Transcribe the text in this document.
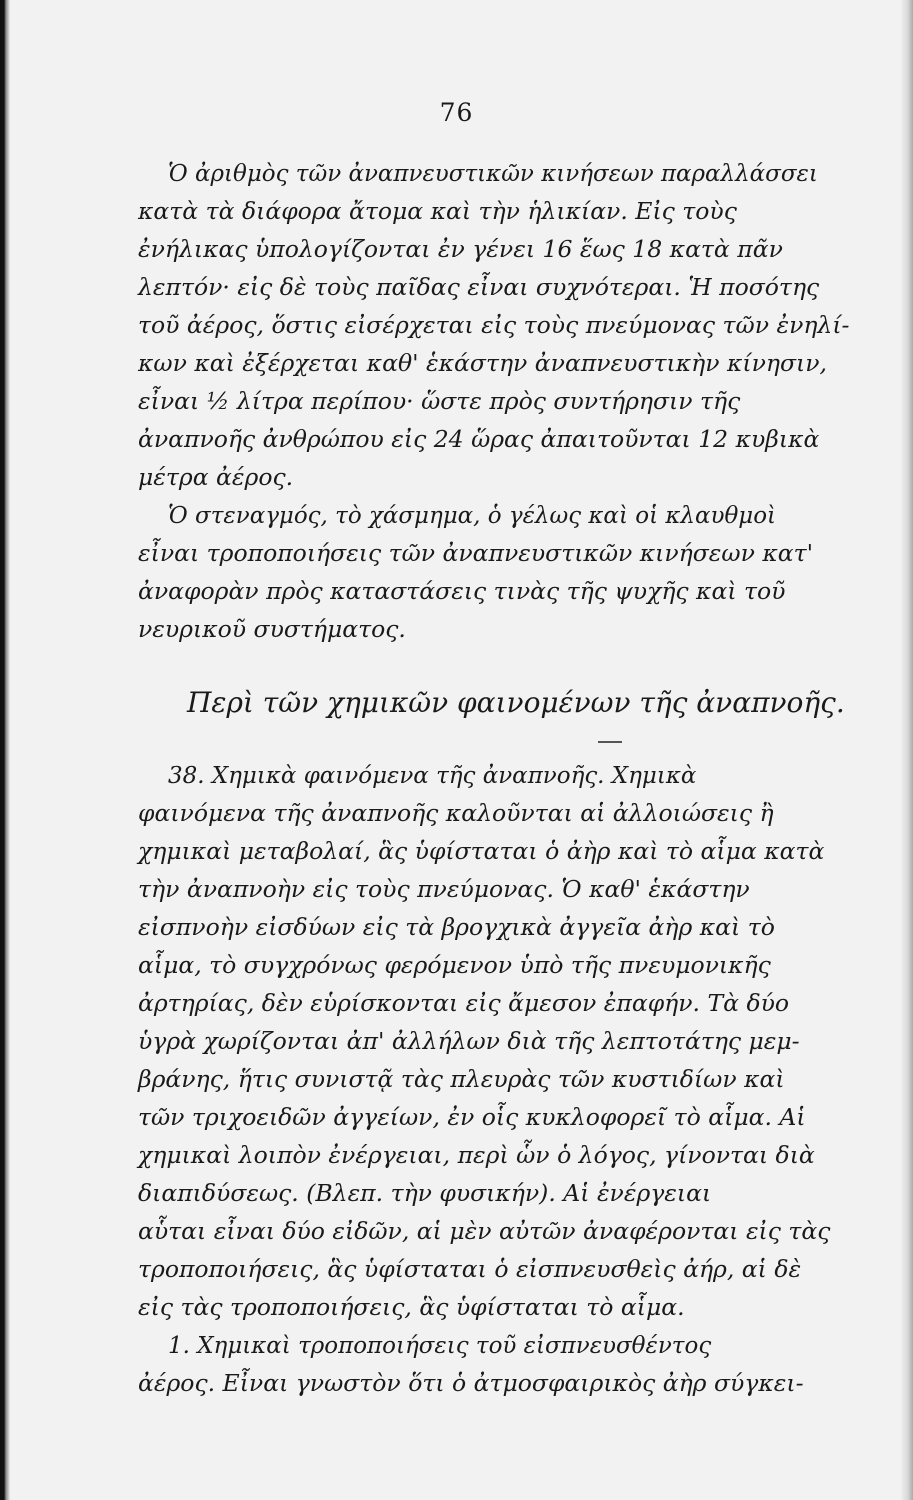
76
Ὁ ἀριθμὸς τῶν ἀναπνευστικῶν κινήσεων παραλλάσσει
κατὰ τὰ διάφορα ἄτομα καὶ τὴν ἡλικίαν. Εἰς τοὺς
ἐνήλικας ὑπολογίζονται ἐν γένει 16 ἕως 18 κατὰ πᾶν
λεπτόν· εἰς δὲ τοὺς παῖδας εἶναι συχνότεραι. Ἡ ποσότης
τοῦ ἀέρος, ὅστις εἰσέρχεται εἰς τοὺς πνεύμονας τῶν ἐνηλί-
κων καὶ ἐξέρχεται καθ' ἑκάστην ἀναπνευστικὴν κίνησιν,
εἶναι ½ λίτρα περίπου· ὥστε πρὸς συντήρησιν τῆς
ἀναπνοῆς ἀνθρώπου εἰς 24 ὥρας ἀπαιτοῦνται 12 κυβικὰ
μέτρα ἀέρος.
Ὁ στεναγμός, τὸ χάσμημα, ὁ γέλως καὶ οἱ κλαυθμοὶ
εἶναι τροποποιήσεις τῶν ἀναπνευστικῶν κινήσεων κατ'
ἀναφορὰν πρὸς καταστάσεις τινὰς τῆς ψυχῆς καὶ τοῦ
νευρικοῦ συστήματος.
Περὶ τῶν χημικῶν φαινομένων τῆς ἀναπνοῆς.
38. Χημικὰ φαινόμενα τῆς ἀναπνοῆς. Χημικὰ
φαινόμενα τῆς ἀναπνοῆς καλοῦνται αἱ ἀλλοιώσεις ἢ
χημικαὶ μεταβολαί, ἃς ὑφίσταται ὁ ἀὴρ καὶ τὸ αἷμα κατὰ
τὴν ἀναπνοὴν εἰς τοὺς πνεύμονας. Ὁ καθ' ἑκάστην
εἰσπνοὴν εἰσδύων εἰς τὰ βρογχικὰ ἀγγεῖα ἀὴρ καὶ τὸ
αἷμα, τὸ συγχρόνως φερόμενον ὑπὸ τῆς πνευμονικῆς
ἀρτηρίας, δὲν εὑρίσκονται εἰς ἄμεσον ἐπαφήν. Τὰ δύο
ὑγρὰ χωρίζονται ἀπ' ἀλλήλων διὰ τῆς λεπτοτάτης μεμ-
βράνης, ἥτις συνιστᾷ τὰς πλευρὰς τῶν κυστιδίων καὶ
τῶν τριχοειδῶν ἀγγείων, ἐν οἷς κυκλοφορεῖ τὸ αἷμα. Αἱ
χημικαὶ λοιπὸν ἐνέργειαι, περὶ ὧν ὁ λόγος, γίνονται διὰ
διαπιδύσεως. (Βλεπ. τὴν φυσικήν). Αἱ ἐνέργειαι
αὗται εἶναι δύο εἰδῶν, αἱ μὲν αὐτῶν ἀναφέρονται εἰς τὰς
τροποποιήσεις, ἃς ὑφίσταται ὁ εἰσπνευσθεὶς ἀήρ, αἱ δὲ
εἰς τὰς τροποποιήσεις, ἃς ὑφίσταται τὸ αἷμα.
1. Χημικαὶ τροποποιήσεις τοῦ εἰσπνευσθέντος
ἀέρος. Εἶναι γνωστὸν ὅτι ὁ ἀτμοσφαιρικὸς ἀὴρ σύγκει-
